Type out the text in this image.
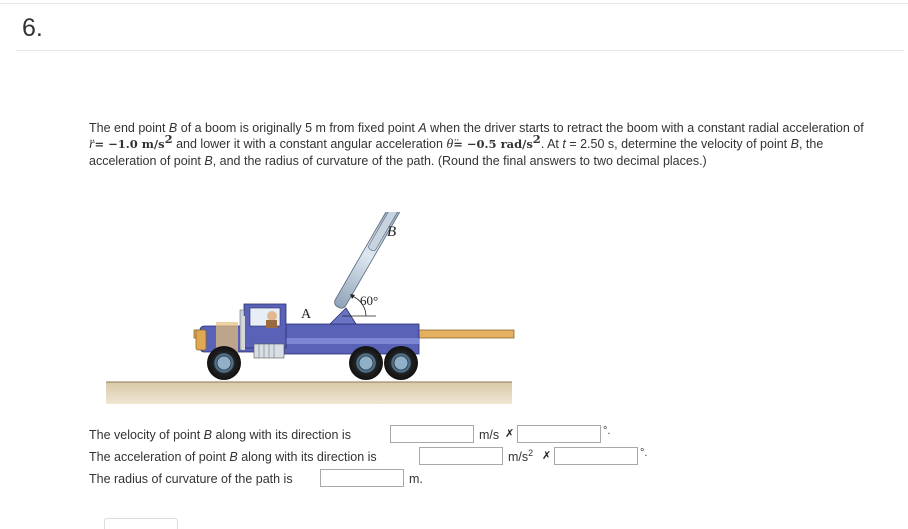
6.
The end point B of a boom is originally 5 m from fixed point A when the driver starts to retract the boom with a constant radial acceleration of r̈= −1.0 $m/s^2$ and lower it with a constant angular acceleration θ̈= −0.5 rad/$s^2$. At t = 2.50 s, determine the velocity of point B, the acceleration of point B, and the radius of curvature of the path. (Round the final answers to two decimal places.)
60°
A
B
The velocity of point B along with its direction is	m/s ✗	°.
The acceleration of point B along with its direction is	$m/s^2$ ✗	°.
The radius of curvature of the path is	m.
